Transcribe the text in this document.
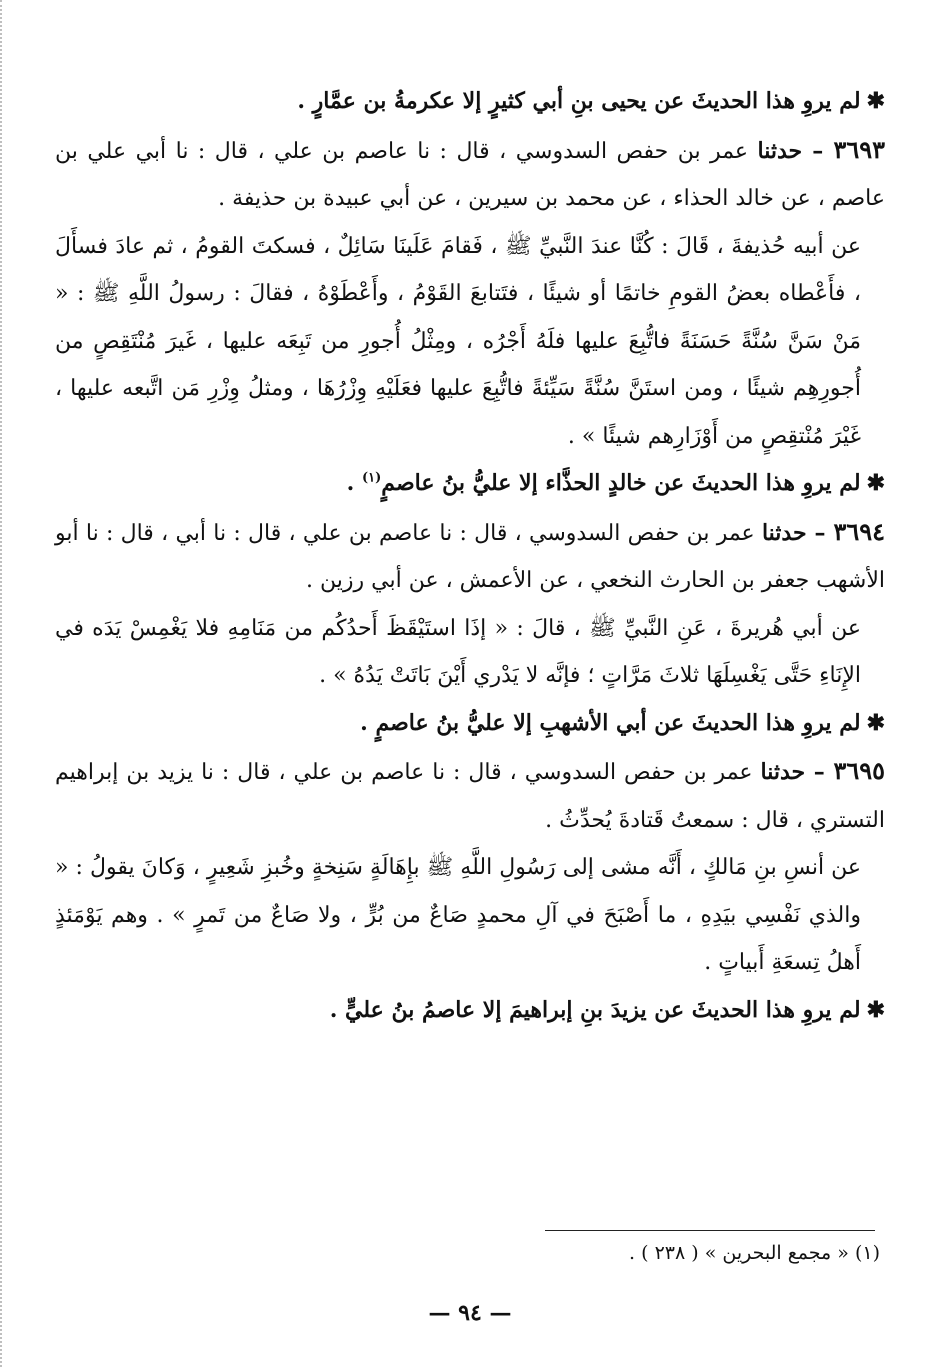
✱لم يروِ هذا الحديثَ عن يحيى بنِ أبي كثيرٍ إلا عكرمةُ بن عمَّارٍ .

٣٦٩٣ – حدثنا عمر بن حفص السدوسي ، قال : نا عاصم بن علي ، قال : نا أبي علي بن عاصم ، عن خالد الحذاء ، عن محمد بن سيرين ، عن أبي عبيدة بن حذيفة .

عن أبيه حُذيفةَ ، قَالَ : كُنَّا عندَ النَّبيِّ ﷺ ، فَقامَ عَلَينَا سَائِلٌ ، فسكتَ القومُ ، ثم عادَ فسأَلَ ، فأَعْطاه بعضُ القومِ خاتمًا أو شيئًا ، فتَتابعَ القَوْمُ ، وأَعْطَوْهُ ، فقالَ : رسولُ اللَّهِ ﷺ : « مَنْ سَنَّ سُنَّةً حَسَنَةً فاتُّبِعَ عليها فلَهُ أَجْرُه ، ومِثْلُ أُجورِ من تَبِعَه عليها ، غَيرَ مُنْتَقِصٍ من أُجورِهِم شيئًا ، ومن استَنَّ سُنَّةً سَيِّئةً فاتُّبِعَ عليها فعَلَيْهِ وِزْرُهَا ، ومثلُ وِزْرِ مَن اتَّبعه عليها ، غَيْرَ مُنْتقِصٍ من أَوْزَارِهم شيئًا » .

✱لم يروِ هذا الحديثَ عن خالدٍ الحذَّاء إلا عليُّ بنُ عاصمٍ$^{(١)}$ .

٣٦٩٤ – حدثنا عمر بن حفص السدوسي ، قال : نا عاصم بن علي ، قال : نا أبي ، قال : نا أبو الأشهب جعفر بن الحارث النخعي ، عن الأعمش ، عن أبي رزين .

عن أبي هُريرةَ ، عَنِ النَّبيِّ ﷺ ، قالَ : « إذَا استَيْقَظَ أَحدُكُم من مَنَامِهِ فلا يَغْمِسْ يَدَه في الإِنَاءِ حَتَّى يَغْسِلَهَا ثلاثَ مَرَّاتٍ ؛ فإنَّه لا يَدْري أَيْنَ بَاتَتْ يَدُهُ » .

✱لم يروِ هذا الحديثَ عن أبي الأشهبِ إلا عليُّ بنُ عاصمٍ .

٣٦٩٥ – حدثنا عمر بن حفص السدوسي ، قال : نا عاصم بن علي ، قال : نا يزيد بن إبراهيم التستري ، قال : سمعتُ قَتادةَ يُحدِّثُ .

عن أنسِ بنِ مَالكٍ ، أَنَّه مشى إلى رَسُولِ اللَّهِ ﷺ بإِهَالَةٍ سَنِخةٍ وخُبزِ شَعِيرٍ ، وَكانَ يقولُ : « والذي نَفْسِي بيَدِهِ ، ما أَصْبَحَ في آلِ محمدٍ صَاعٌ من بُرٍّ ، ولا صَاعٌ من تَمرٍ » . وهم يَوْمَئذٍ أَهلُ تِسعَةِ أَبياتٍ .

✱لم يروِ هذا الحديثَ عن يزيدَ بنِ إبراهيمَ إلا عاصمُ بنُ عليٍّ .

(١) « مجمع البحرين » ( ٢٣٨ ) .
— ٩٤ —
